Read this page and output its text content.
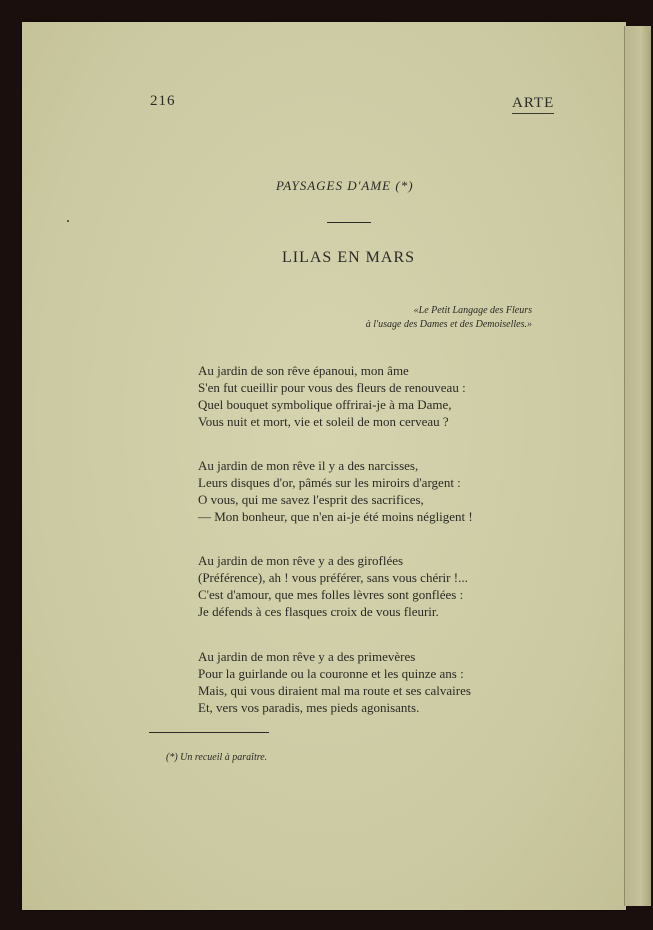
216	ARTE
PAYSAGES D'AME (*)
LILAS EN MARS
«Le Petit Langage des Fleurs
à l'usage des Dames et des Demoiselles.»
Au jardin de son rêve épanoui, mon âme
S'en fut cueillir pour vous des fleurs de renouveau :
Quel bouquet symbolique offrirai-je à ma Dame,
Vous nuit et mort, vie et soleil de mon cerveau ?
Au jardin de mon rêve il y a des narcisses,
Leurs disques d'or, pâmés sur les miroirs d'argent :
O vous, qui me savez l'esprit des sacrifices,
— Mon bonheur, que n'en ai-je été moins négligent !
Au jardin de mon rêve y a des giroflées
(Préférence), ah ! vous préférer, sans vous chérir !...
C'est d'amour, que mes folles lèvres sont gonflées :
Je défends à ces flasques croix de vous fleurir.
Au jardin de mon rêve y a des primevères
Pour la guirlande ou la couronne et les quinze ans :
Mais, qui vous diraient mal ma route et ses calvaires
Et, vers vos paradis, mes pieds agonisants.
(*) Un recueil à paraître.
